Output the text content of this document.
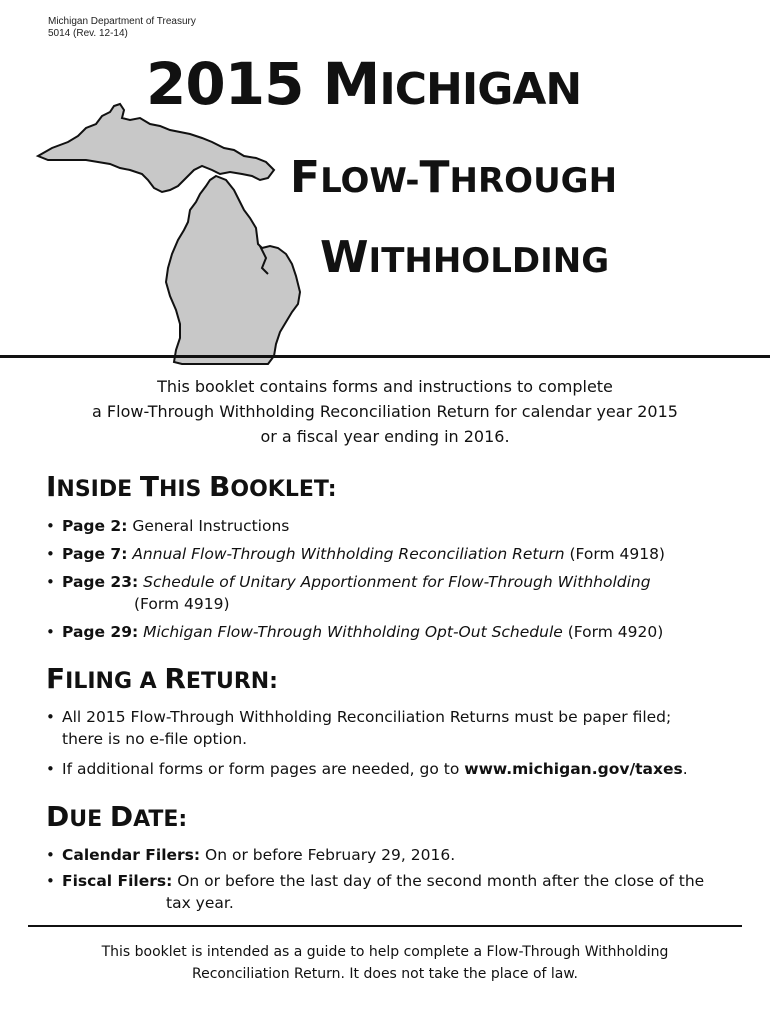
Michigan Department of Treasury
5014 (Rev. 12-14)
2015 MICHIGAN
FLOW-THROUGH
WITHHOLDING
This booklet contains forms and instructions to complete
a Flow-Through Withholding Reconciliation Return for calendar year 2015
or a fiscal year ending in 2016.
INSIDE THIS BOOKLET:
• Page 2: General Instructions
• Page 7: Annual Flow-Through Withholding Reconciliation Return (Form 4918)
• Page 23: Schedule of Unitary Apportionment for Flow-Through Withholding
(Form 4919)
• Page 29: Michigan Flow-Through Withholding Opt-Out Schedule (Form 4920)
FILING A RETURN:
• All 2015 Flow-Through Withholding Reconciliation Returns must be paper filed;
there is no e-file option.
• If additional forms or form pages are needed, go to www.michigan.gov/taxes.
DUE DATE:
• Calendar Filers: On or before February 29, 2016.
• Fiscal Filers: On or before the last day of the second month after the close of the
tax year.
This booklet is intended as a guide to help complete a Flow-Through Withholding
Reconciliation Return. It does not take the place of law.
